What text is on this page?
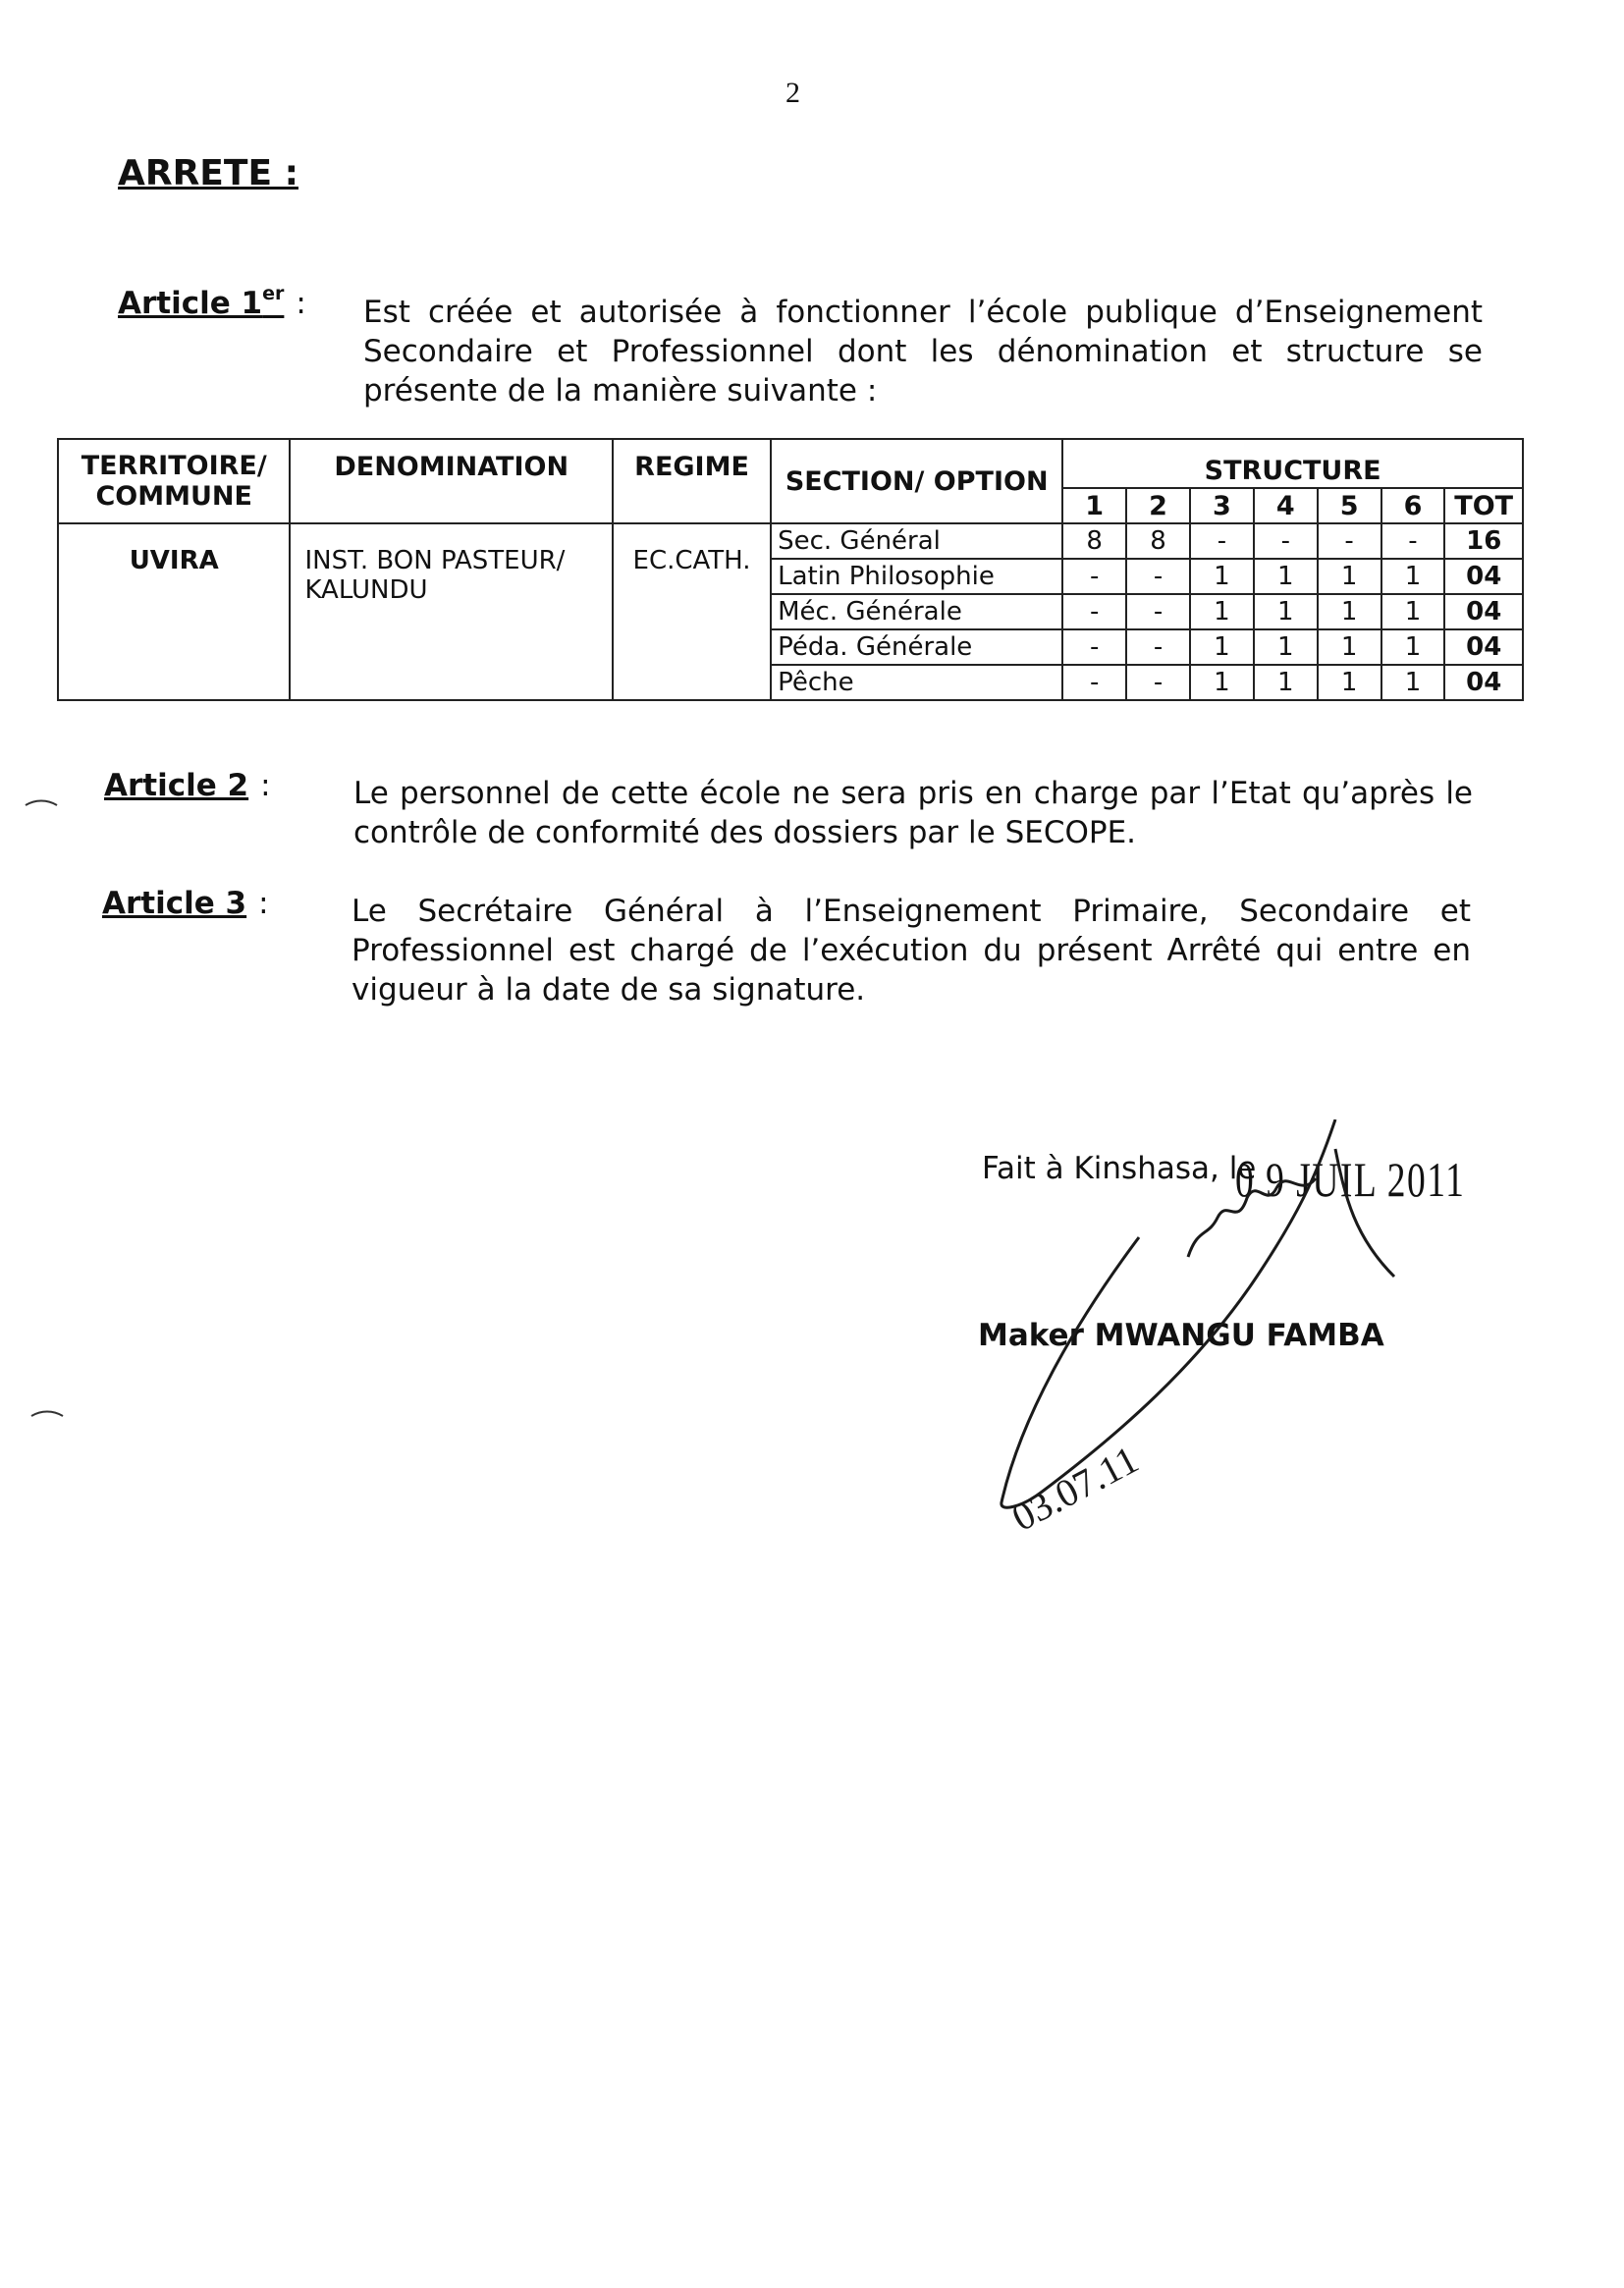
2
ARRETE :
Article 1er : Est créée et autorisée à fonctionner l’école publique d’Enseignement Secondaire et Professionnel dont les dénomination et structure se présente de la manière suivante :
TERRITOIRE/ COMMUNE	DENOMINATION	REGIME	SECTION/ OPTION	STRUCTURE						
				1	2	3	4	5	6	TOT
UVIRA	INST. BON PASTEUR/ KALUNDU	EC.CATH.	Sec. Général	8	8	-	-	-	-	16
			Latin Philosophie	-	-	1	1	1	1	04
			Méc. Générale	-	-	1	1	1	1	04
			Péda. Générale	-	-	1	1	1	1	04
			Pêche	-	-	1	1	1	1	04
Article 2 :	Le personnel de cette école ne sera pris en charge par l’Etat qu’après le contrôle de conformité des dossiers par le SECOPE.
Article 3 :	Le Secrétaire Général à l’Enseignement Primaire, Secondaire et Professionnel est chargé de l’exécution du présent Arrêté qui entre en vigueur à la date de sa signature.
Fait à Kinshasa, le
0 9 JUIL 2011
Maker MWANGU FAMBA
03.07.11
